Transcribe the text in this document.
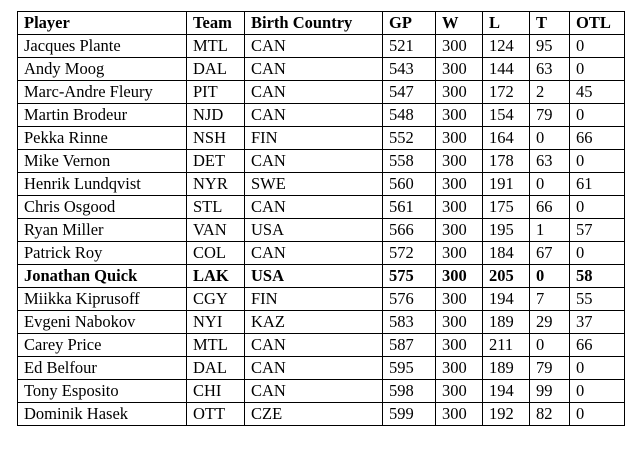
Player	Team	Birth Country	GP	W	L	T	OTL
Jacques Plante	MTL	CAN	521	300	124	95	0
Andy Moog	DAL	CAN	543	300	144	63	0
Marc-Andre Fleury	PIT	CAN	547	300	172	2	45
Martin Brodeur	NJD	CAN	548	300	154	79	0
Pekka Rinne	NSH	FIN	552	300	164	0	66
Mike Vernon	DET	CAN	558	300	178	63	0
Henrik Lundqvist	NYR	SWE	560	300	191	0	61
Chris Osgood	STL	CAN	561	300	175	66	0
Ryan Miller	VAN	USA	566	300	195	1	57
Patrick Roy	COL	CAN	572	300	184	67	0
Jonathan Quick	LAK	USA	575	300	205	0	58
Miikka Kiprusoff	CGY	FIN	576	300	194	7	55
Evgeni Nabokov	NYI	KAZ	583	300	189	29	37
Carey Price	MTL	CAN	587	300	211	0	66
Ed Belfour	DAL	CAN	595	300	189	79	0
Tony Esposito	CHI	CAN	598	300	194	99	0
Dominik Hasek	OTT	CZE	599	300	192	82	0
